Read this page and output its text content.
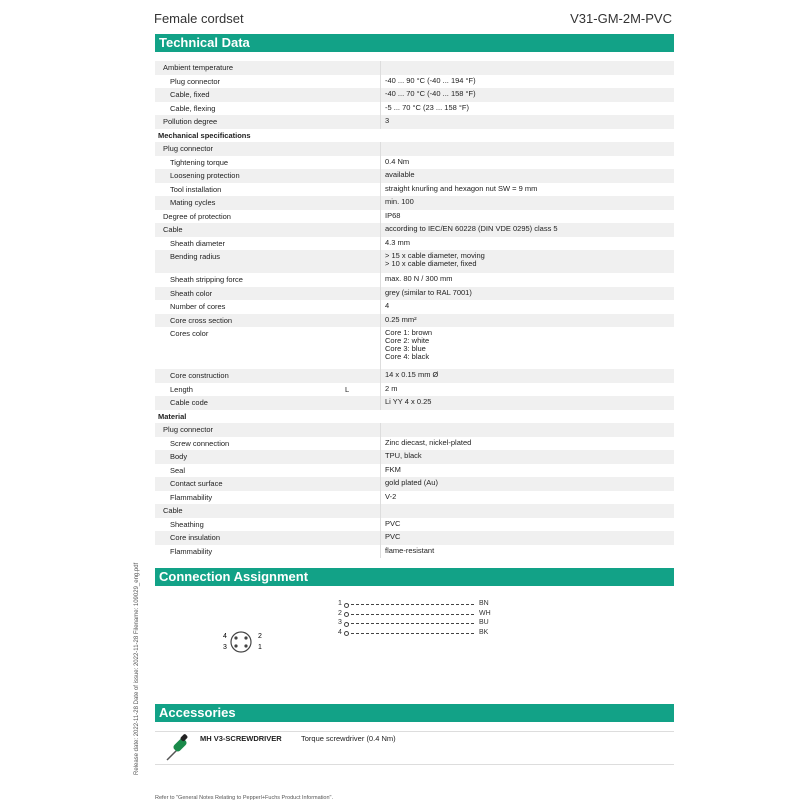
Female cordset	V31-GM-2M-PVC
Technical Data
Ambient temperature		

Plug connector		-40 ... 90 °C (-40 ... 194 °F)

Cable, fixed		-40 ... 70 °C (-40 ... 158 °F)

Cable, flexing		-5 ... 70 °C (23 ... 158 °F)

Pollution degree		3

Mechanical specifications		

Plug connector		

Tightening torque		0.4 Nm

Loosening protection		available

Tool installation		straight knurling and hexagon nut SW = 9 mm

Mating cycles		min. 100

Degree of protection		IP68

Cable		according to IEC/EN 60228 (DIN VDE 0295) class 5

Sheath diameter		4.3 mm

Bending radius		> 15 x cable diameter, moving
> 10 x cable diameter, fixed

Sheath stripping force		max. 80 N / 300 mm

Sheath color		grey (similar to RAL 7001)

Number of cores		4

Core cross section		0.25 mm²

Cores color		Core 1: brown
Core 2: white
Core 3: blue
Core 4: black

Core construction		14 x 0.15 mm Ø

Length	L	2 m

Cable code		Li YY 4 x 0.25

Material		

Plug connector		

Screw connection		Zinc diecast, nickel-plated

Body		TPU, black

Seal		FKM

Contact surface		gold plated (Au)

Flammability		V-2

Cable		

Sheathing		PVC

Core insulation		PVC

Flammability		flame-resistant
Connection Assignment
4	2
3	1
1	BN
2	WH
3	BU
4	BK
Accessories
MH V3-SCREWDRIVER	Torque screwdriver (0.4 Nm)
Release date: 2022-11-28 Date of issue: 2022-11-28 Filename: 109029_eng.pdf
Refer to "General Notes Relating to Pepperl+Fuchs Product Information".
